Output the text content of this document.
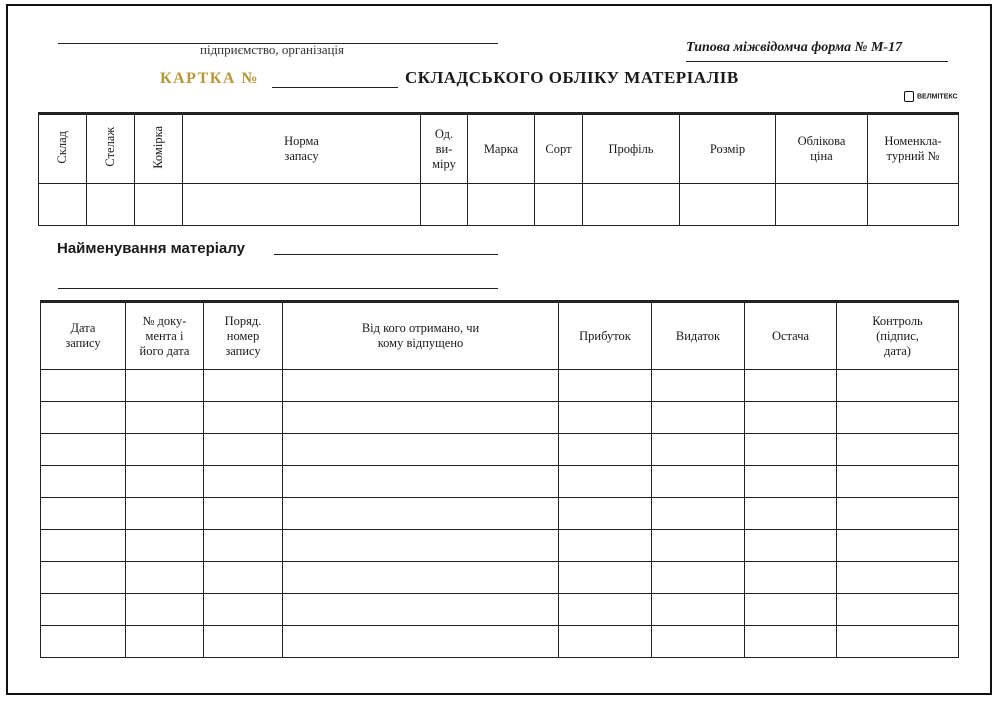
підприємство, організація	Типова міжвідомча форма № М-17
КАРТКА №	СКЛАДСЬКОГО ОБЛІКУ МАТЕРІАЛІВ
ВЕЛМІТЕКС
Склад	Стелаж	Комірка	Норма запасу	Од. ви- міру	Марка	Сорт	Профіль	Розмір	Облікова ціна	Номенкла- турний №

Найменування матеріалу
Дата запису	№ доку- мента і його дата	Поряд. номер запису	Від кого отримано, чи кому відпущено	Прибуток	Видаток	Остача	Контроль (підпис, дата)
